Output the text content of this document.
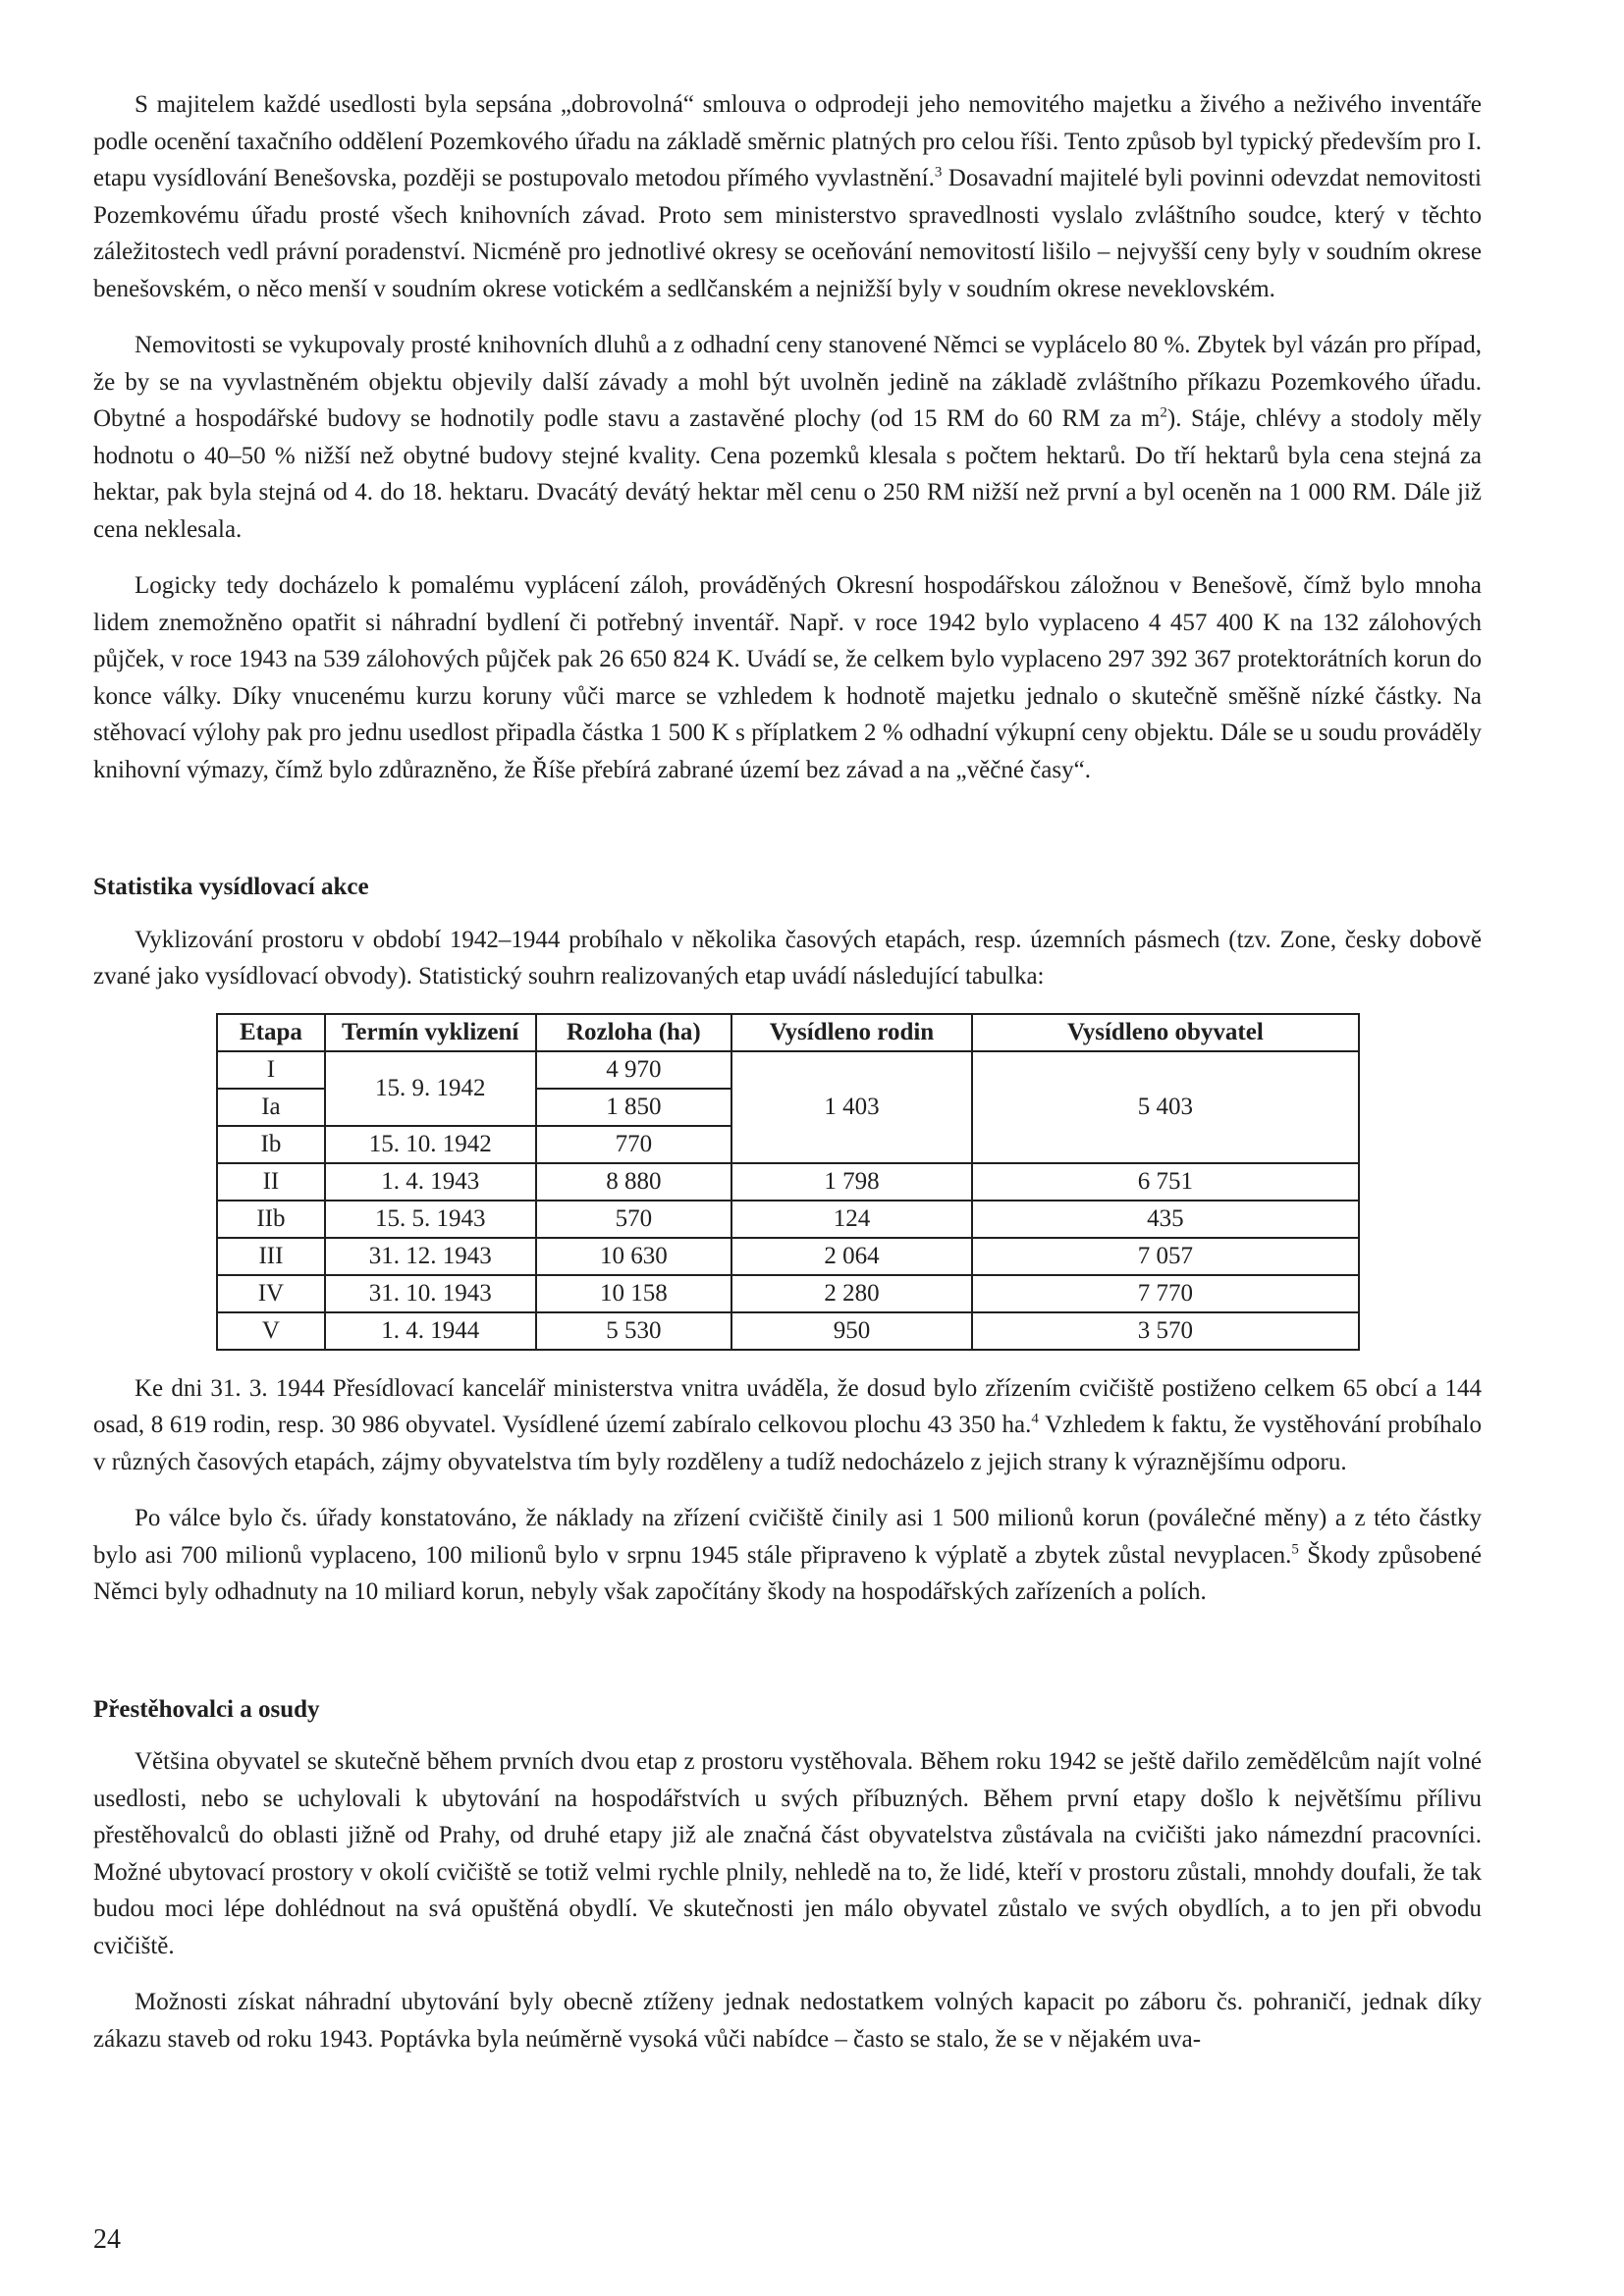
S majitelem každé usedlosti byla sepsána „dobrovolná“ smlouva o odprodeji jeho nemovitého majetku a živého a neživého inventáře podle ocenění taxačního oddělení Pozemkového úřadu na základě směrnic platných pro celou říši. Tento způsob byl typický především pro I. etapu vysídlování Benešovska, později se postupovalo metodou přímého vyvlastnění.$^3$ Dosavadní majitelé byli povinni odevzdat nemovitosti Pozemkovému úřadu prosté všech knihovních závad. Proto sem ministerstvo spravedlnosti vyslalo zvláštního soudce, který v těchto záležitostech vedl právní poradenství. Nicméně pro jednotlivé okresy se oceňování nemovitostí lišilo – nejvyšší ceny byly v soudním okrese benešovském, o něco menší v soudním okrese votickém a sedlčanském a nejnižší byly v soudním okrese neveklovském.

Nemovitosti se vykupovaly prosté knihovních dluhů a z odhadní ceny stanovené Němci se vyplácelo 80 %. Zbytek byl vázán pro případ, že by se na vyvlastněném objektu objevily další závady a mohl být uvolněn jedině na základě zvláštního příkazu Pozemkového úřadu. Obytné a hospodářské budovy se hodnotily podle stavu a zastavěné plochy (od 15 RM do 60 RM za $m^2$). Stáje, chlévy a stodoly měly hodnotu o 40–50 % nižší než obytné budovy stejné kvality. Cena pozemků klesala s počtem hektarů. Do tří hektarů byla cena stejná za hektar, pak byla stejná od 4. do 18. hektaru. Dvacátý devátý hektar měl cenu o 250 RM nižší než první a byl oceněn na 1 000 RM. Dále již cena neklesala.

Logicky tedy docházelo k pomalému vyplácení záloh, prováděných Okresní hospodářskou záložnou v Benešově, čímž bylo mnoha lidem znemožněno opatřit si náhradní bydlení či potřebný inventář. Např. v roce 1942 bylo vyplaceno 4 457 400 K na 132 zálohových půjček, v roce 1943 na 539 zálohových půjček pak 26 650 824 K. Uvádí se, že celkem bylo vyplaceno 297 392 367 protektorátních korun do konce války. Díky vnucenému kurzu koruny vůči marce se vzhledem k hodnotě majetku jednalo o skutečně směšně nízké částky. Na stěhovací výlohy pak pro jednu usedlost připadla částka 1 500 K s příplatkem 2 % odhadní výkupní ceny objektu. Dále se u soudu prováděly knihovní výmazy, čímž bylo zdůrazněno, že Říše přebírá zabrané území bez závad a na „věčné časy“.

Statistika vysídlovací akce

Vyklizování prostoru v období 1942–1944 probíhalo v několika časových etapách, resp. územních pásmech (tzv. Zone, česky dobově zvané jako vysídlovací obvody). Statistický souhrn realizovaných etap uvádí následující tabulka:

Etapa	Termín vyklizení	Rozloha (ha)	Vysídleno rodin	Vysídleno obyvatel
I	15. 9. 1942	4 970	1 403	5 403
Ia		1 850		
Ib	15. 10. 1942	770		
II	1. 4. 1943	8 880	1 798	6 751
IIb	15. 5. 1943	570	124	435
III	31. 12. 1943	10 630	2 064	7 057
IV	31. 10. 1943	10 158	2 280	7 770
V	1. 4. 1944	5 530	950	3 570

Ke dni 31. 3. 1944 Přesídlovací kancelář ministerstva vnitra uváděla, že dosud bylo zřízením cvičiště postiženo celkem 65 obcí a 144 osad, 8 619 rodin, resp. 30 986 obyvatel. Vysídlené území zabíralo celkovou plochu 43 350 ha.$^4$ Vzhledem k faktu, že vystěhování probíhalo v různých časových etapách, zájmy obyvatelstva tím byly rozděleny a tudíž nedocházelo z jejich strany k výraznějšímu odporu.

Po válce bylo čs. úřady konstatováno, že náklady na zřízení cvičiště činily asi 1 500 milionů korun (poválečné měny) a z této částky bylo asi 700 milionů vyplaceno, 100 milionů bylo v srpnu 1945 stále připraveno k výplatě a zbytek zůstal nevyplacen.$^5$ Škody způsobené Němci byly odhadnuty na 10 miliard korun, nebyly však započítány škody na hospodářských zařízeních a polích.

Přestěhovalci a osudy

Většina obyvatel se skutečně během prvních dvou etap z prostoru vystěhovala. Během roku 1942 se ještě dařilo zemědělcům najít volné usedlosti, nebo se uchylovali k ubytování na hospodářstvích u svých příbuzných. Během první etapy došlo k největšímu přílivu přestěhovalců do oblasti jižně od Prahy, od druhé etapy již ale značná část obyvatelstva zůstávala na cvičišti jako námezdní pracovníci. Možné ubytovací prostory v okolí cvičiště se totiž velmi rychle plnily, nehledě na to, že lidé, kteří v prostoru zůstali, mnohdy doufali, že tak budou moci lépe dohlédnout na svá opuštěná obydlí. Ve skutečnosti jen málo obyvatel zůstalo ve svých obydlích, a to jen při obvodu cvičiště.

Možnosti získat náhradní ubytování byly obecně ztíženy jednak nedostatkem volných kapacit po záboru čs. pohraničí, jednak díky zákazu staveb od roku 1943. Poptávka byla neúměrně vysoká vůči nabídce – často se stalo, že se v nějakém uva-

24
